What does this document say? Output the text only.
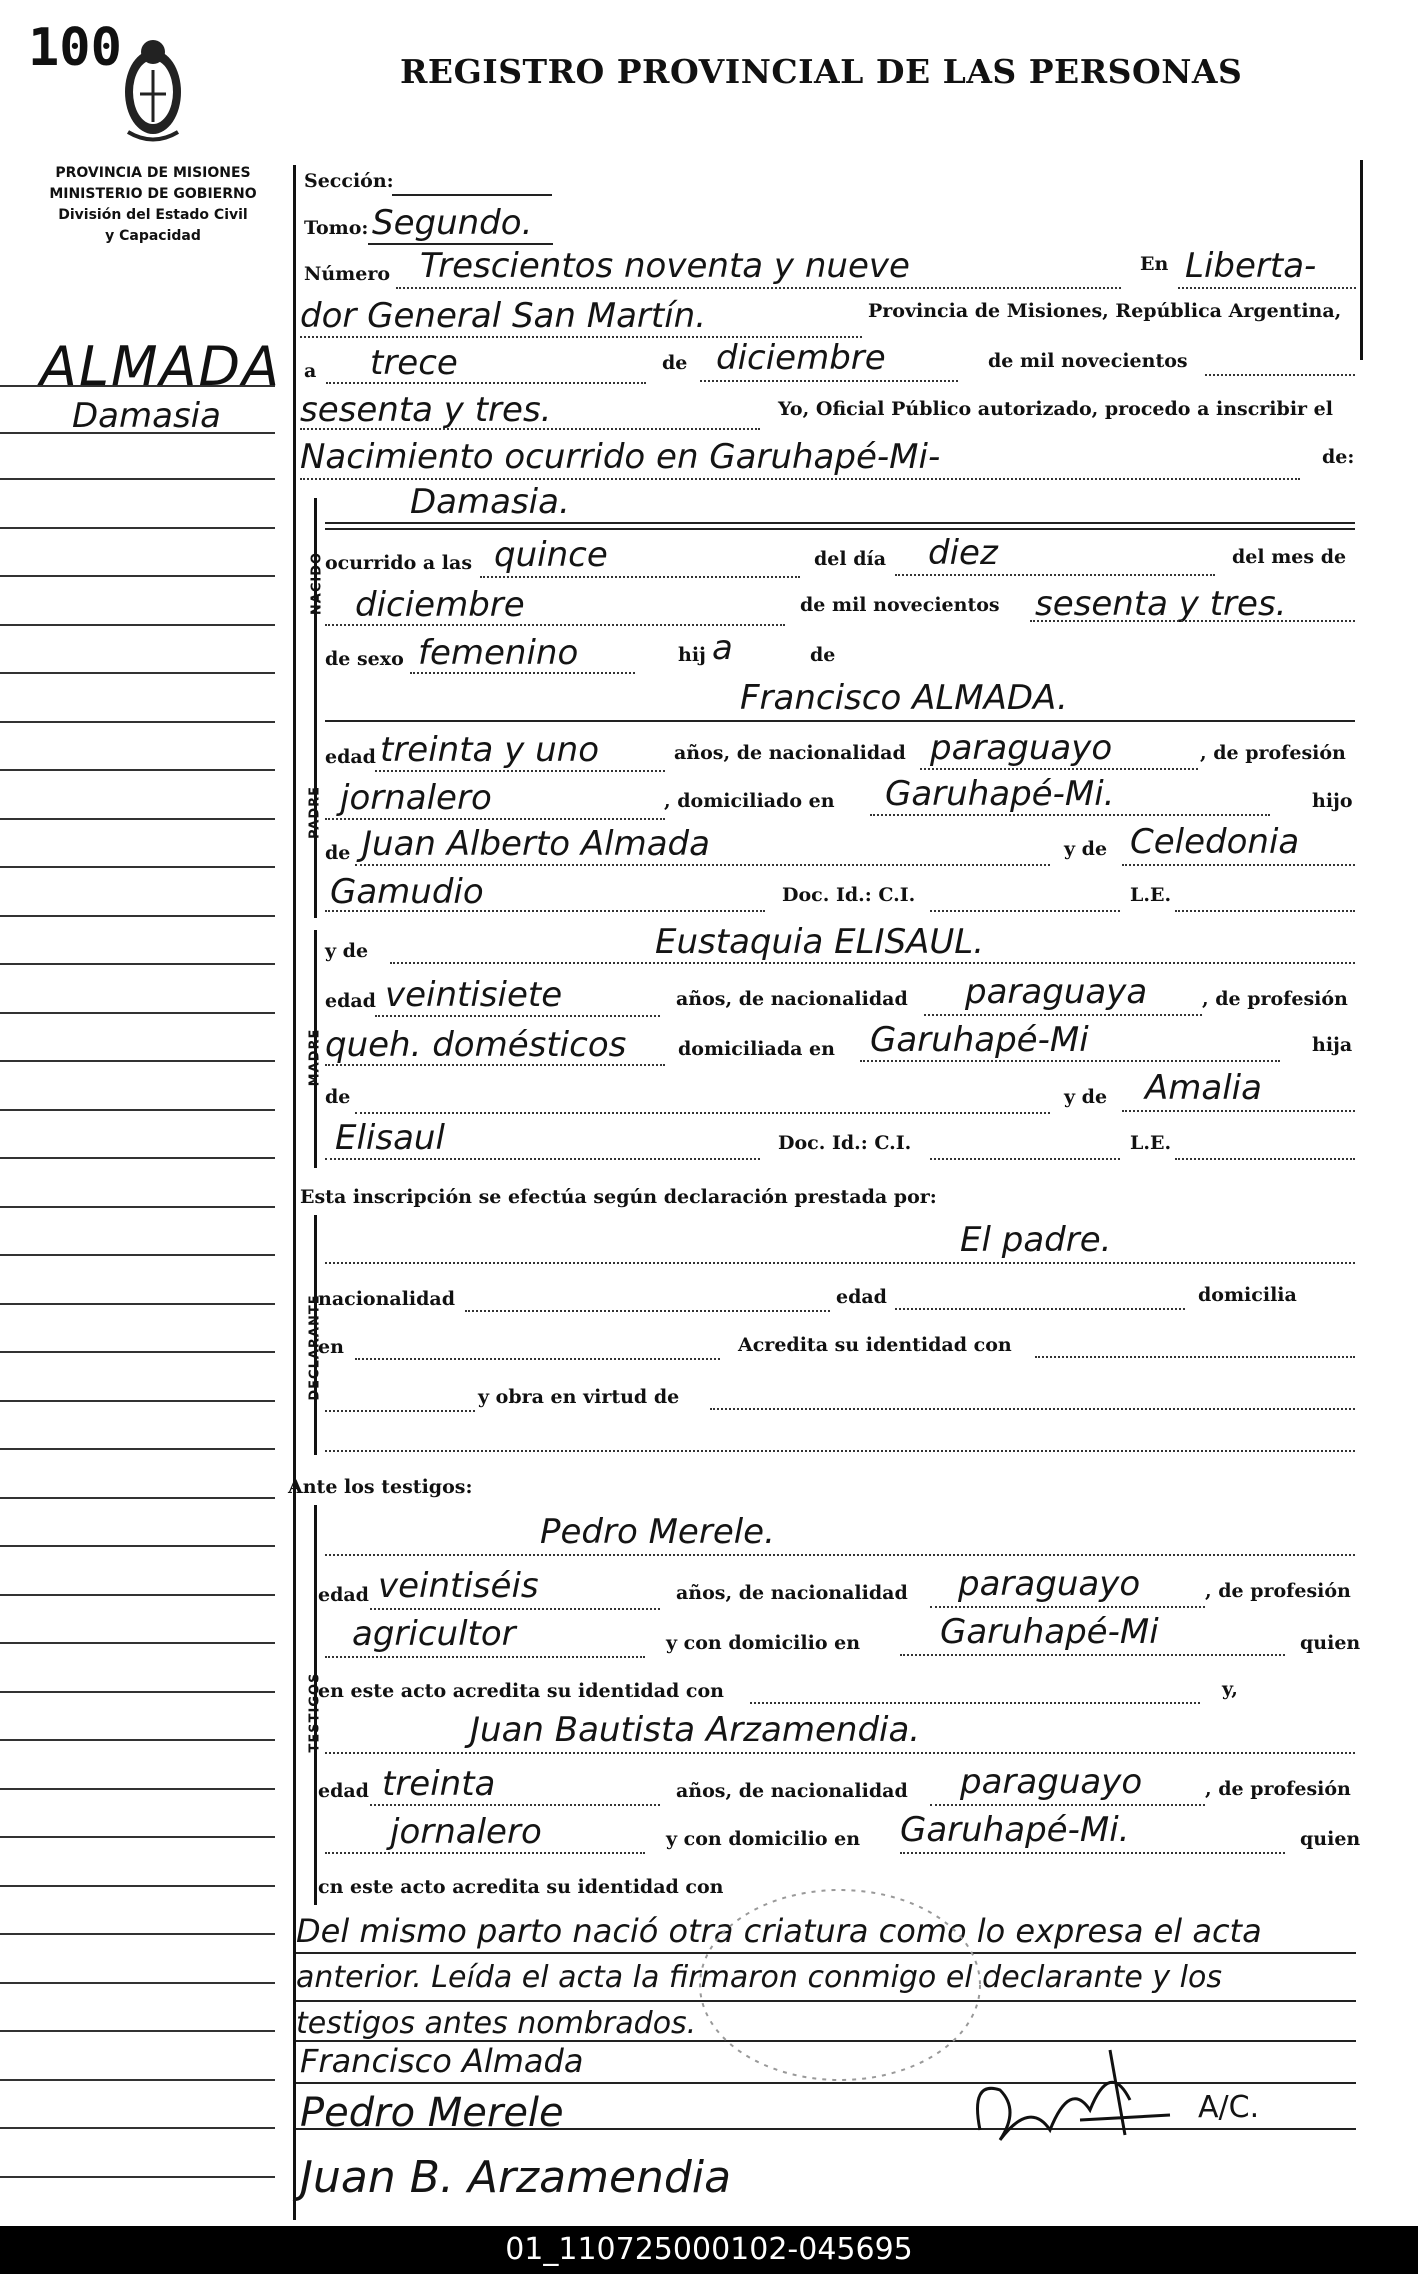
100	REGISTRO PROVINCIAL DE LAS PERSONAS
PROVINCIA DE MISIONES
MINISTERIO DE GOBIERNO
División del Estado Civil
y Capacidad
ALMADA
Damasia
Sección:
Tomo: Segundo.
Número Trescientos noventa y nueve	En Liberta-
dor General San Martín.	Provincia de Misiones, República Argentina,
a trece	de diciembre	de mil novecientos
sesenta y tres.	Yo, Oficial Público autorizado, procedo a inscribir el
Nacimiento ocurrido en Garuhapé-Mi-	de:
NACIDO
Damasia.
ocurrido a las quince	del día diez	del mes de
diciembre	de mil novecientos sesenta y tres.
de sexo femenino	hij a	de
PADRE
Francisco ALMADA.
edad treinta y uno	años, de nacionalidad paraguayo	, de profesión
jornalero	, domiciliado en Garuhapé-Mi.	hijo
de Juan Alberto Almada	y de Celedonia
Gamudio	Doc. Id.: C.I.	L.E.
MADRE
y de	Eustaquia ELISAUL.
edad veintisiete	años, de nacionalidad paraguaya	, de profesión
queh. domésticos	domiciliada en Garuhapé-Mi	hija
de	y de Amalia
Elisaul	Doc. Id.: C.I.	L.E.
Esta inscripción se efectúa según declaración prestada por:
DECLARANTE
El padre.
nacionalidad	edad	domicilia
en	Acredita su identidad con
y obra en virtud de
Ante los testigos:
TESTIGOS
Pedro Merele.
edad veintiséis	años, de nacionalidad paraguayo	, de profesión
agricultor	y con domicilio en Garuhapé-Mi	quien
en este acto acredita su identidad con	y,
Juan Bautista Arzamendia.
edad treinta	años, de nacionalidad paraguayo	, de profesión
jornalero	y con domicilio en Garuhapé-Mi.	quien
cn este acto acredita su identidad con
Del mismo parto nació otra criatura como lo expresa el acta
anterior. Leída el acta la firmaron conmigo el declarante y los
testigos antes nombrados.
Francisco Almada
Pedro Merele
Juan B. Arzamendia
A/C.
01_110725000102-045695
